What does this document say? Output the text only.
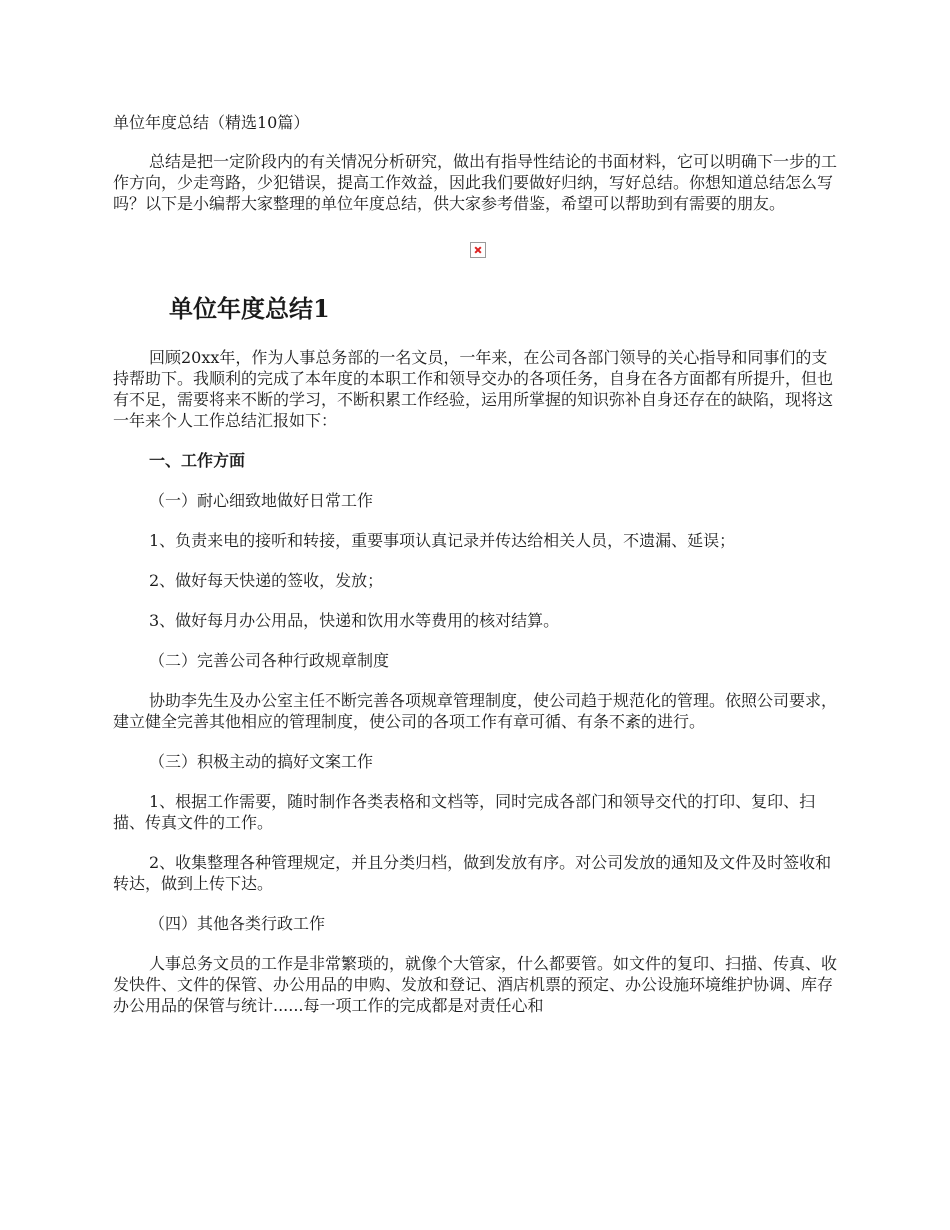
单位年度总结（精选10篇）

总结是把一定阶段内的有关情况分析研究，做出有指导性结论的书面材料，它可以明确下一步的工作方向，少走弯路，少犯错误，提高工作效益，因此我们要做好归纳，写好总结。你想知道总结怎么写吗？以下是小编帮大家整理的单位年度总结，供大家参考借鉴，希望可以帮助到有需要的朋友。

单位年度总结1

回顾20xx年，作为人事总务部的一名文员，一年来，在公司各部门领导的关心指导和同事们的支持帮助下。我顺利的完成了本年度的本职工作和领导交办的各项任务，自身在各方面都有所提升，但也有不足，需要将来不断的学习，不断积累工作经验，运用所掌握的知识弥补自身还存在的缺陷，现将这一年来个人工作总结汇报如下：

一、工作方面

（一）耐心细致地做好日常工作

1、负责来电的接听和转接，重要事项认真记录并传达给相关人员，不遗漏、延误；

2、做好每天快递的签收，发放；

3、做好每月办公用品，快递和饮用水等费用的核对结算。

（二）完善公司各种行政规章制度

协助李先生及办公室主任不断完善各项规章管理制度，使公司趋于规范化的管理。依照公司要求，建立健全完善其他相应的管理制度，使公司的各项工作有章可循、有条不紊的进行。

（三）积极主动的搞好文案工作

1、根据工作需要，随时制作各类表格和文档等，同时完成各部门和领导交代的打印、复印、扫描、传真文件的工作。

2、收集整理各种管理规定，并且分类归档，做到发放有序。对公司发放的通知及文件及时签收和转达，做到上传下达。

（四）其他各类行政工作

人事总务文员的工作是非常繁琐的，就像个大管家，什么都要管。如文件的复印、扫描、传真、收发快件、文件的保管、办公用品的申购、发放和登记、酒店机票的预定、办公设施环境维护协调、库存办公用品的保管与统计......每一项工作的完成都是对责任心和
